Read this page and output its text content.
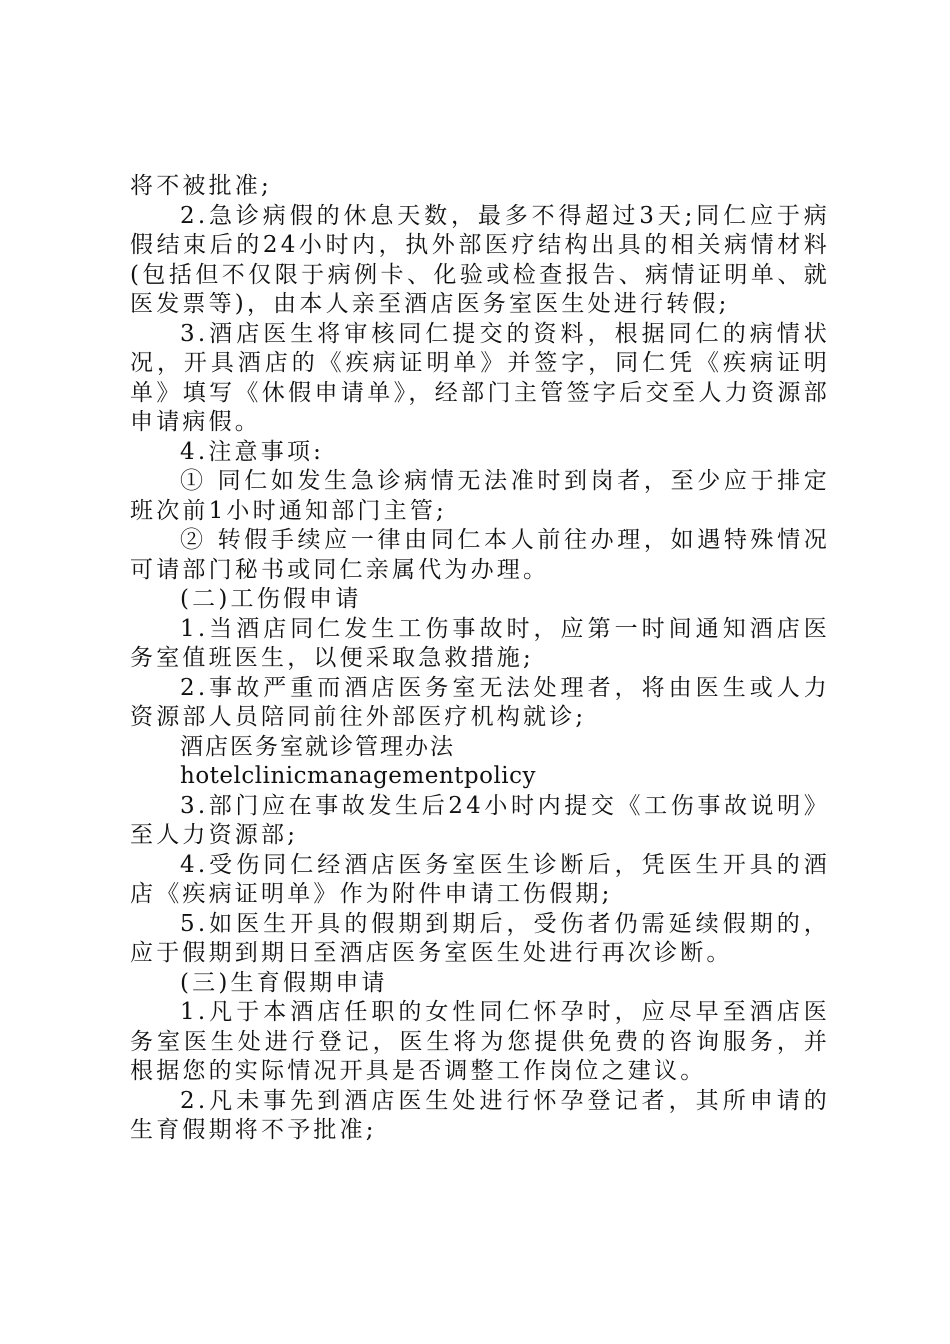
将不被批准;

2.急诊病假的休息天数，最多不得超过3天;同仁应于病假结束后的24小时内，执外部医疗结构出具的相关病情材料(包括但不仅限于病例卡、化验或检查报告、病情证明单、就医发票等)，由本人亲至酒店医务室医生处进行转假;

3.酒店医生将审核同仁提交的资料，根据同仁的病情状况，开具酒店的《疾病证明单》并签字，同仁凭《疾病证明单》填写《休假申请单》，经部门主管签字后交至人力资源部申请病假。

4.注意事项:

① 同仁如发生急诊病情无法准时到岗者，至少应于排定班次前1小时通知部门主管;

② 转假手续应一律由同仁本人前往办理，如遇特殊情况可请部门秘书或同仁亲属代为办理。

(二)工伤假申请

1.当酒店同仁发生工伤事故时，应第一时间通知酒店医务室值班医生，以便采取急救措施;

2.事故严重而酒店医务室无法处理者，将由医生或人力资源部人员陪同前往外部医疗机构就诊;

酒店医务室就诊管理办法

hotelclinicmanagementpolicy

3.部门应在事故发生后24小时内提交《工伤事故说明》至人力资源部;

4.受伤同仁经酒店医务室医生诊断后，凭医生开具的酒店《疾病证明单》作为附件申请工伤假期;

5.如医生开具的假期到期后，受伤者仍需延续假期的，应于假期到期日至酒店医务室医生处进行再次诊断。

(三)生育假期申请

1.凡于本酒店任职的女性同仁怀孕时，应尽早至酒店医务室医生处进行登记，医生将为您提供免费的咨询服务，并根据您的实际情况开具是否调整工作岗位之建议。

2.凡未事先到酒店医生处进行怀孕登记者，其所申请的生育假期将不予批准;
